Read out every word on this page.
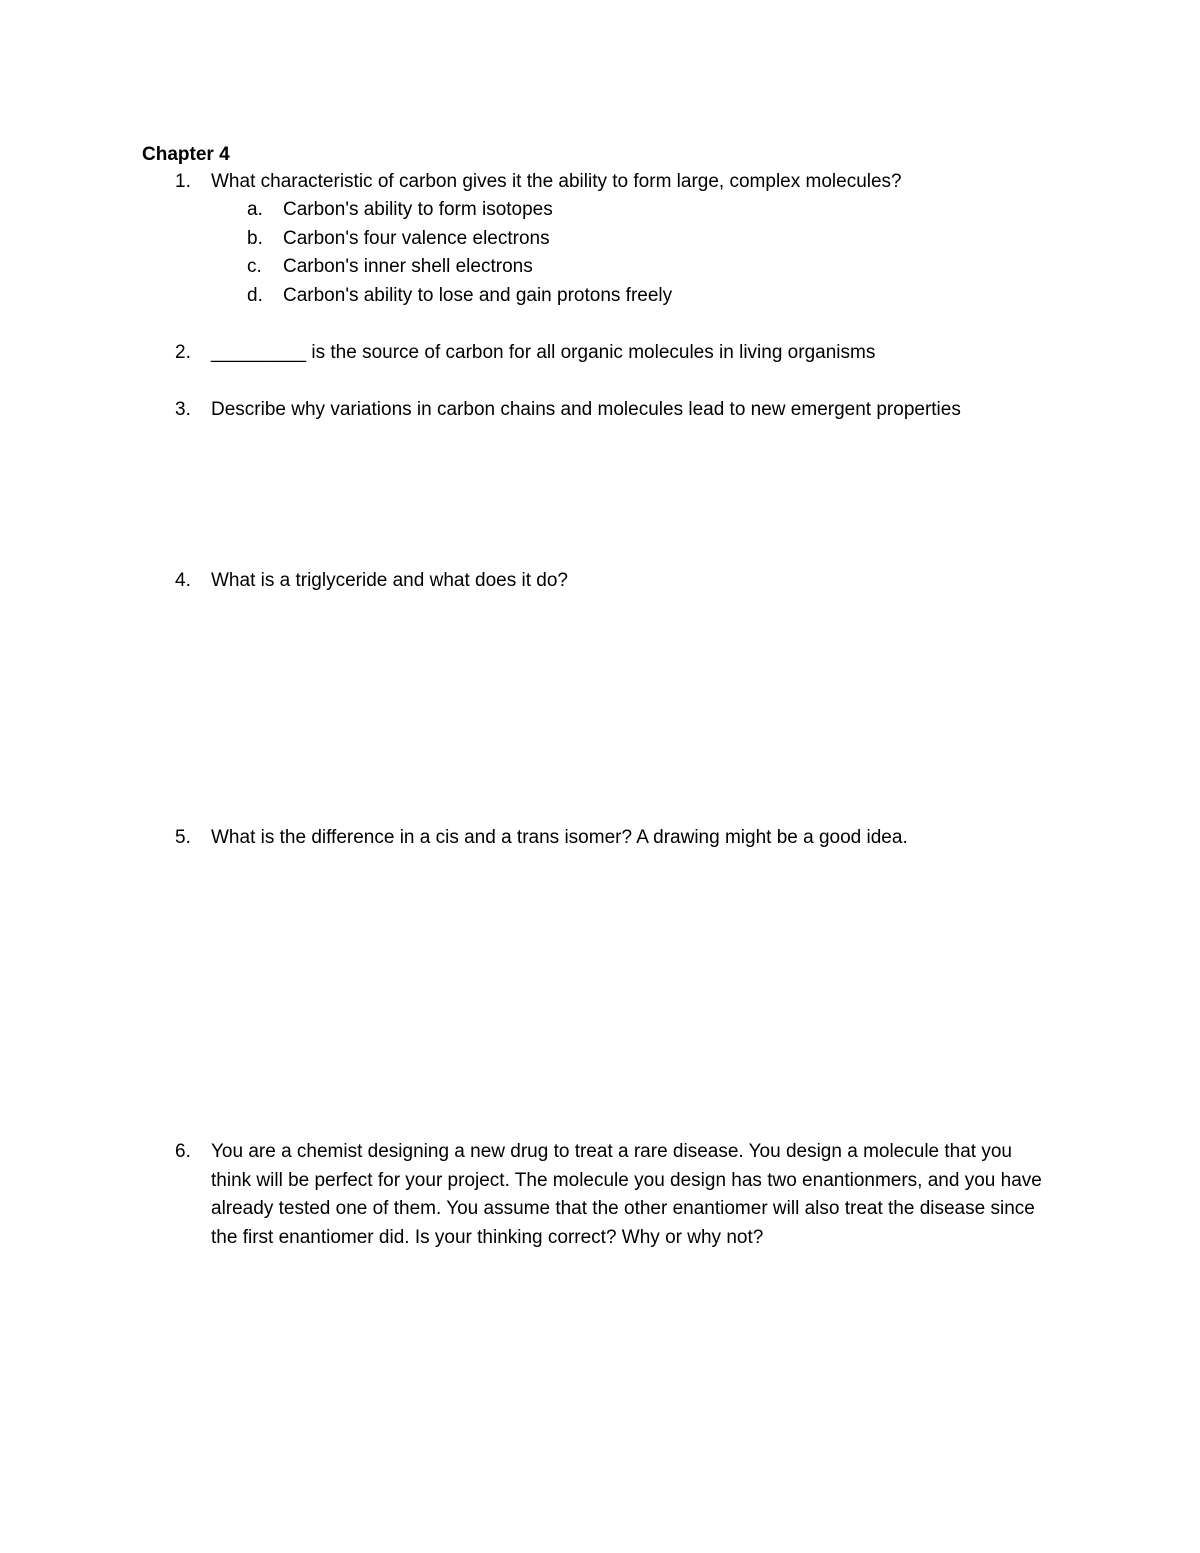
Chapter 4
1. What characteristic of carbon gives it the ability to form large, complex molecules?
a. Carbon's ability to form isotopes
b. Carbon's four valence electrons
c. Carbon's inner shell electrons
d. Carbon's ability to lose and gain protons freely
2. _________ is the source of carbon for all organic molecules in living organisms
3. Describe why variations in carbon chains and molecules lead to new emergent properties
4. What is a triglyceride and what does it do?
5. What is the difference in a cis and a trans isomer? A drawing might be a good idea.
6. You are a chemist designing a new drug to treat a rare disease. You design a molecule that you think will be perfect for your project. The molecule you design has two enantionmers, and you have already tested one of them. You assume that the other enantiomer will also treat the disease since the first enantiomer did. Is your thinking correct? Why or why not?
